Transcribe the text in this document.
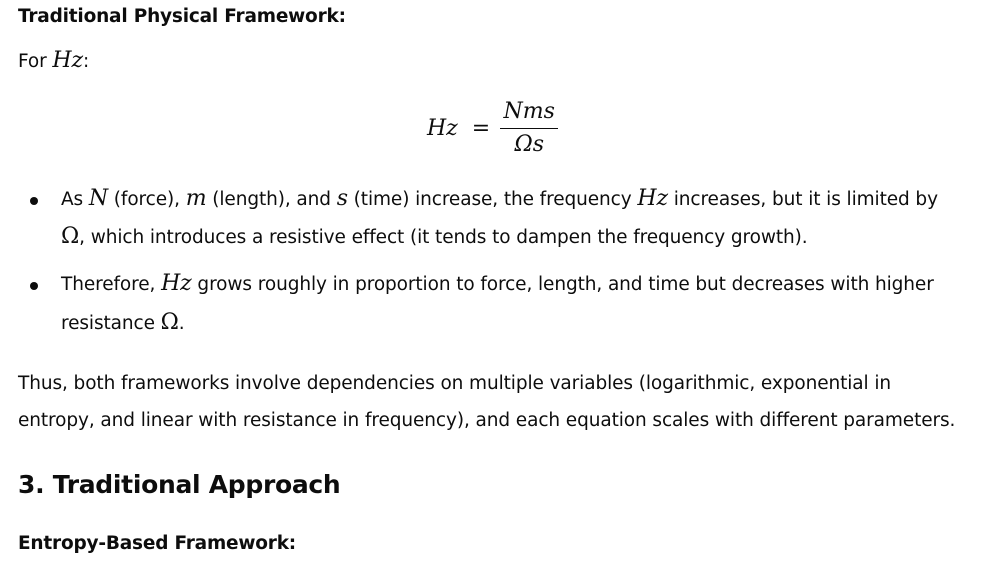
Traditional Physical Framework:
For Hz:
$Hz = \frac{\text{Nms}}{\Omega s}$
As N (force), m (length), and s (time) increase, the frequency Hz increases, but it is limited by
Ω, which introduces a resistive effect (it tends to dampen the frequency growth).
Therefore, Hz grows roughly in proportion to force, length, and time but decreases with higher
resistance Ω.
Thus, both frameworks involve dependencies on multiple variables (logarithmic, exponential in
entropy, and linear with resistance in frequency), and each equation scales with different parameters.
3. Traditional Approach
Entropy-Based Framework:
